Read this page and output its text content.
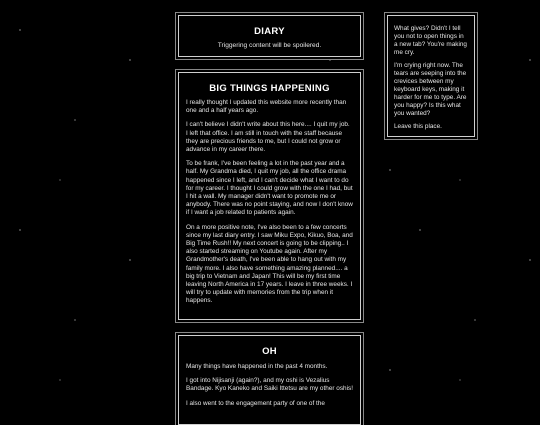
DIARY

Triggering content will be spoilered.

BIG THINGS HAPPENING

I really thought I updated this website more recently than one and a half years ago.

I can't believe I didn't write about this here.... I quit my job. I left that office. I am still in touch with the staff because they are precious friends to me, but I could not grow or advance in my career there.

To be frank, I've been feeling a lot in the past year and a half. My Grandma died, I quit my job, all the office drama happened since I left, and I can't decide what I want to do for my career. I thought I could grow with the one I had, but I hit a wall. My manager didn't want to promote me or anybody. There was no point staying, and now I don't know if I want a job related to patients again.

On a more positive note, I've also been to a few concerts since my last diary entry. I saw Miku Expo, Kikuo, Boa, and Big Time Rush!! My next concert is going to be clipping.. I also started streaming on Youtube again. After my Grandmother's death, I've been able to hang out with my family more. I also have something amazing planned.... a big trip to Vietnam and Japan! This will be my first time leaving North America in 17 years. I leave in three weeks. I will try to update with memories from the trip when it happens.

OH

Many things have happened in the past 4 months.

I got into Nijisanji (again?), and my oshi is Vezalius Bandage. Kyo Kaneko and Saiki Ittetsu are my other oshis!

I also went to the engagement party of one of the

What gives? Didn't I tell you not to open things in a new tab? You're making me cry.

I'm crying right now. The tears are seeping into the crevices between my keyboard keys, making it harder for me to type. Are you happy? Is this what you wanted?

Leave this place.
